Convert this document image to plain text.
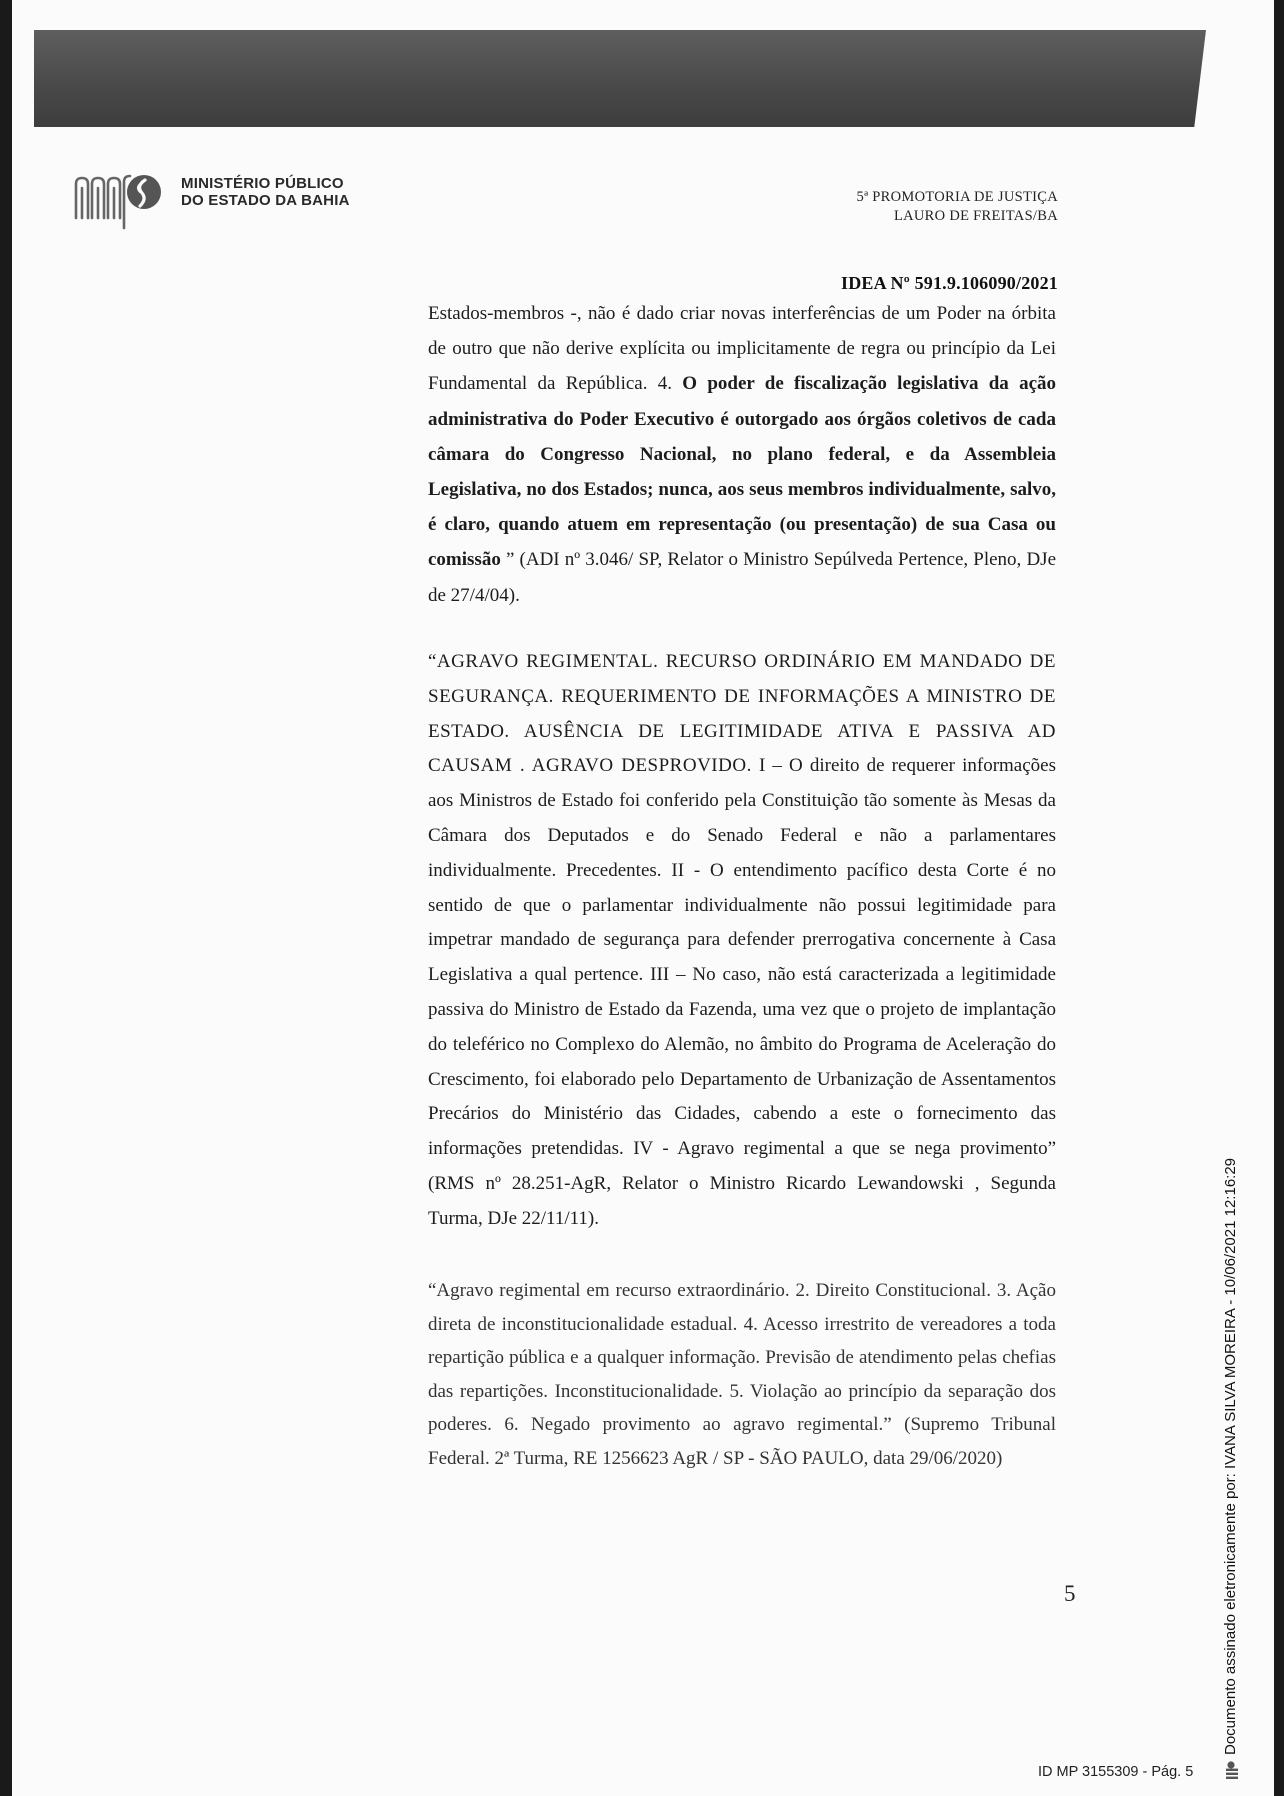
MINISTÉRIO PÚBLICO
DO ESTADO DA BAHIA	5ª PROMOTORIA DE JUSTIÇA
LAURO DE FREITAS/BA
IDEA Nº 591.9.106090/2021
Estados-membros -, não é dado criar novas interferências de um Poder na órbita de outro que não derive explícita ou implicitamente de regra ou princípio da Lei Fundamental da República. 4. O poder de fiscalização legislativa da ação administrativa do Poder Executivo é outorgado aos órgãos coletivos de cada câmara do Congresso Nacional, no plano federal, e da Assembleia Legislativa, no dos Estados; nunca, aos seus membros individualmente, salvo, é claro, quando atuem em representação (ou presentação) de sua Casa ou comissão ” (ADI nº 3.046/ SP, Relator o Ministro Sepúlveda Pertence, Pleno, DJe de 27/4/04).
“AGRAVO REGIMENTAL. RECURSO ORDINÁRIO EM MANDADO DE SEGURANÇA. REQUERIMENTO DE INFORMAÇÕES A MINISTRO DE ESTADO. AUSÊNCIA DE LEGITIMIDADE ATIVA E PASSIVA AD CAUSAM . AGRAVO DESPROVIDO. I – O direito de requerer informações aos Ministros de Estado foi conferido pela Constituição tão somente às Mesas da Câmara dos Deputados e do Senado Federal e não a parlamentares individualmente. Precedentes. II - O entendimento pacífico desta Corte é no sentido de que o parlamentar individualmente não possui legitimidade para impetrar mandado de segurança para defender prerrogativa concernente à Casa Legislativa a qual pertence. III – No caso, não está caracterizada a legitimidade passiva do Ministro de Estado da Fazenda, uma vez que o projeto de implantação do teleférico no Complexo do Alemão, no âmbito do Programa de Aceleração do Crescimento, foi elaborado pelo Departamento de Urbanização de Assentamentos Precários do Ministério das Cidades, cabendo a este o fornecimento das informações pretendidas. IV - Agravo regimental a que se nega provimento” (RMS nº 28.251-AgR, Relator o Ministro Ricardo Lewandowski , Segunda Turma, DJe 22/11/11).
“Agravo regimental em recurso extraordinário. 2. Direito Constitucional. 3. Ação direta de inconstitucionalidade estadual. 4. Acesso irrestrito de vereadores a toda repartição pública e a qualquer informação. Previsão de atendimento pelas chefias das repartições. Inconstitucionalidade. 5. Violação ao princípio da separação dos poderes. 6. Negado provimento ao agravo regimental.” (Supremo Tribunal Federal. 2ª Turma, RE 1256623 AgR / SP - SÃO PAULO, data 29/06/2020)
5
ID MP 3155309 - Pág. 5
Documento assinado eletronicamente por: IVANA SILVA MOREIRA - 10/06/2021 12:16:29
